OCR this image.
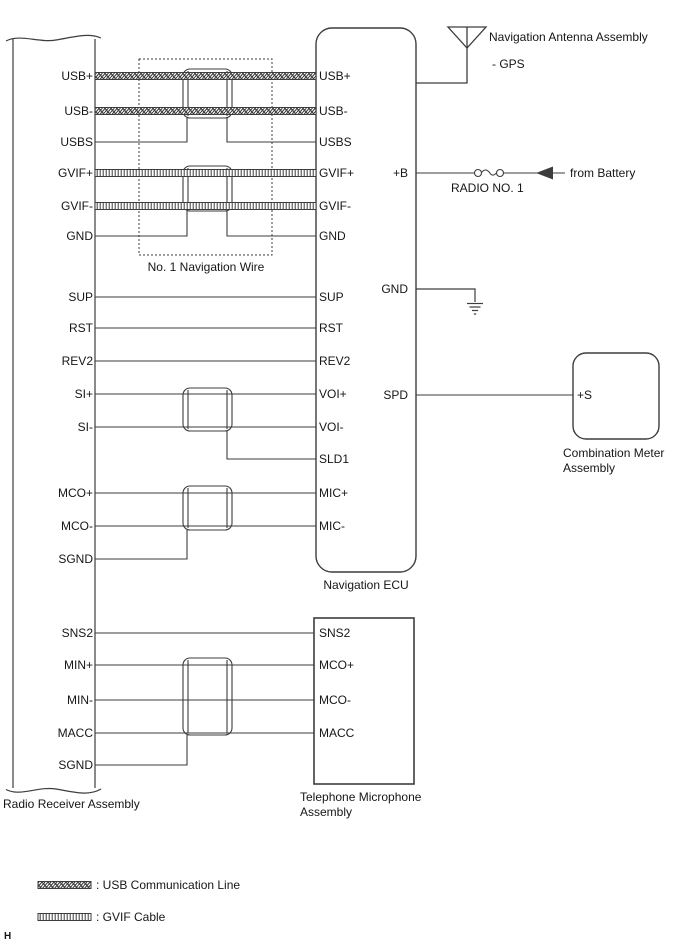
USB+
USB-
USBS
GVIF+
GVIF-
GND
SUP
RST
REV2
SI+
SI-
MCO+
MCO-
SGND
SNS2
MIN+
MIN-
MACC
SGND
USB+
USB-
USBS
GVIF+
GVIF-
GND
SUP
RST
REV2
VOI+
VOI-
SLD1
MIC+
MIC-
+B
GND
SPD
SNS2
MCO+
MCO-
MACC
+S
Navigation Antenna Assembly
- GPS
from Battery
RADIO NO. 1
No. 1 Navigation Wire
Navigation ECU
Combination Meter Assembly
Telephone Microphone Assembly
Radio Receiver Assembly
: USB Communication Line
: GVIF Cable
H
